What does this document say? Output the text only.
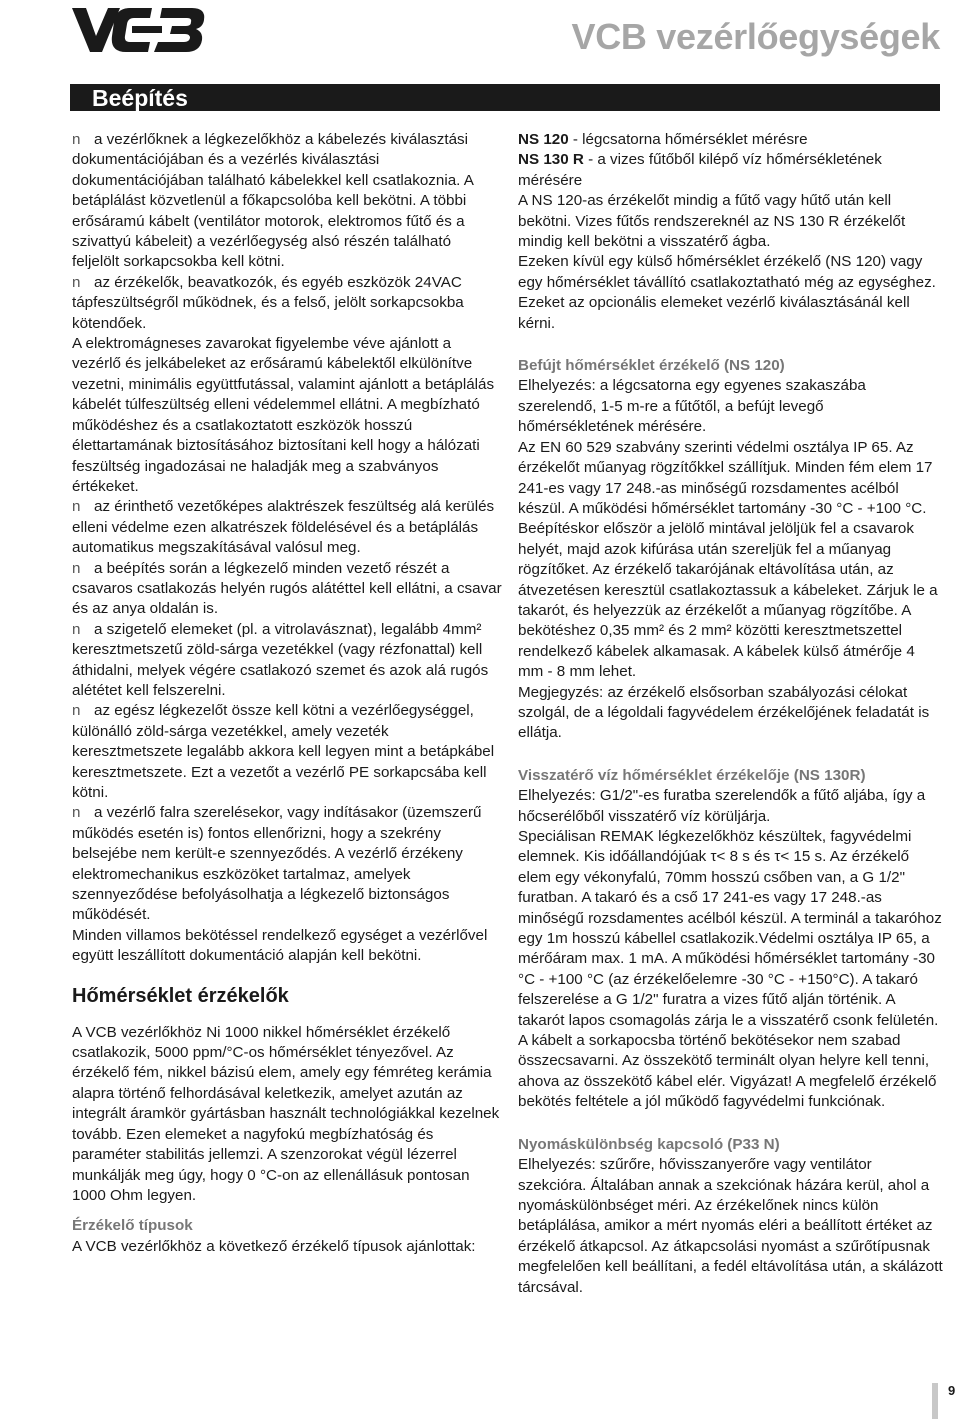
VCB vezérlőegységek
Beépítés

n a vezérlőknek a légkezelőkhöz a kábelezés kiválasztási dokumentációjában és a vezérlés kiválasztási dokumentációjában található kábelekkel kell csatlakoznia. A betáplálást közvetlenül a főkapcsolóba kell bekötni. A többi erősáramú kábelt (ventilátor motorok, elektromos fűtő és a szivattyú kábeleit) a vezérlőegység alsó részén található feljelölt sorkapcsokba kell kötni.

n az érzékelők, beavatkozók, és egyéb eszközök 24VAC tápfeszültségről működnek, és a felső, jelölt sorkapcsokba kötendőek.

A elektromágneses zavarokat figyelembe véve ajánlott a vezérlő és jelkábeleket az erősáramú kábelektől elkülönítve vezetni, minimális együttfutással, valamint ajánlott a betáplálás kábelét túlfeszültség elleni védelemmel ellátni. A megbízható működéshez és a csatlakoztatott eszközök hosszú élettartamának biztosításához biztosítani kell hogy a hálózati feszültség ingadozásai ne haladják meg a szabványos értékeket.

n az érinthető vezetőképes alaktrészek feszültség alá kerülés elleni védelme ezen alkatrészek földelésével és a betáplálás automatikus megszakításával valósul meg.

n a beépítés során a légkezelő minden vezető részét a csavaros csatlakozás helyén rugós alátéttel kell ellátni, a csavar és az anya oldalán is.

n a szigetelő elemeket (pl. a vitrolavásznat), legalább 4mm² keresztmetszetű zöld-sárga vezetékkel (vagy rézfonattal) kell áthidalni, melyek végére csatlakozó szemet és azok alá rugós alététet kell felszerelni.

n az egész légkezelőt össze kell kötni a vezérlőegységgel, különálló zöld-sárga vezetékkel, amely vezeték keresztmetszete legalább akkora kell legyen mint a betápkábel keresztmetszete. Ezt a vezetőt a vezérlő PE sorkapcsába kell kötni.

n a vezérlő falra szerelésekor, vagy indításakor (üzemszerű működés esetén is) fontos ellenőrizni, hogy a szekrény belsejébe nem került-e szennyeződés. A vezérlő érzékeny elektromechanikus eszközöket tartalmaz, amelyek szennyeződése befolyásolhatja a légkezelő biztonságos működését.

Minden villamos bekötéssel rendelkező egységet a vezérlővel együtt leszállított dokumentáció alapján kell bekötni.

Hőmérséklet érzékelők

A VCB vezérlőkhöz Ni 1000 nikkel hőmérséklet érzékelő csatlakozik, 5000 ppm/°C-os hőmérséklet tényezővel. Az érzékelő fém, nikkel bázisú elem, amely egy fémréteg kerámia alapra történő felhordásával keletkezik, amelyet azután az integrált áramkör gyártásban használt technológiákkal kezelnek tovább. Ezen elemeket a nagyfokú megbízhatóság és paraméter stabilitás jellemzi. A szenzorokat végül lézerrel munkálják meg úgy, hogy 0 °C-on az ellenállásuk pontosan 1000 Ohm legyen.

Érzékelő típusok

A VCB vezérlőkhöz a következő érzékelő típusok ajánlottak:

NS 120 - légcsatorna hőmérséklet mérésre

NS 130 R - a vizes fűtőből kilépő víz hőmérsékletének mérésére

A NS 120-as érzékelőt mindig a fűtő vagy hűtő után kell bekötni. Vizes fűtős rendszereknél az NS 130 R érzékelőt mindig kell bekötni a visszatérő ágba.

Ezeken kívül egy külső hőmérséklet érzékelő (NS 120) vagy egy hőmérséklet távállító csatlakoztatható még az egységhez.

Ezeket az opcionális elemeket vezérlő kiválasztásánál kell kérni.

Befújt hőmérséklet érzékelő (NS 120)

Elhelyezés: a légcsatorna egy egyenes szakaszába szerelendő, 1-5 m-re a fűtőtől, a befújt levegő hőmérsékletének mérésére.

Az EN 60 529 szabvány szerinti védelmi osztálya IP 65. Az érzékelőt műanyag rögzítőkkel szállítjuk. Minden fém elem 17 241-es vagy 17 248.-as minőségű rozsdamentes acélból készül. A működési hőmérséklet tartomány -30 °C - +100 °C. Beépítéskor először a jelölő mintával jelöljük fel a csavarok helyét, majd azok kifúrása után szereljük fel a műanyag rögzítőket. Az érzékelő takarójának eltávolítása után, az átvezetésen keresztül csatlakoztassuk a kábeleket. Zárjuk le a takarót, és helyezzük az érzékelőt a műanyag rögzítőbe. A bekötéshez 0,35 mm² és 2 mm² közötti keresztmetszettel rendelkező kábelek alkamasak. A kábelek külső átmérője 4 mm - 8 mm lehet.

Megjegyzés: az érzékelő elsősorban szabályozási célokat szolgál, de a légoldali fagyvédelem érzékelőjének feladatát is ellátja.

Visszatérő víz hőmérséklet érzékelője (NS 130R)

Elhelyezés: G1/2"-es furatba szerelendők a fűtő aljába, így a hőcserélőből visszatérő víz körüljárja.

Speciálisan REMAK légkezelőkhöz készültek, fagyvédelmi elemnek. Kis időállandójúak τ< 8 s és τ< 15 s. Az érzékelő elem egy vékonyfalú, 70mm hosszú csőben van, a G 1/2" furatban. A takaró és a cső 17 241-es vagy 17 248.-as minőségű rozsdamentes acélból készül. A terminál a takaróhoz egy 1m hosszú kábellel csatlakozik.Védelmi osztálya IP 65, a mérőáram max. 1 mA. A működési hőmérséklet tartomány -30 °C - +100 °C (az érzékelőelemre -30 °C - +150°C). A takaró felszerelése a G 1/2" furatra a vizes fűtő alján történik. A takarót lapos csomagolás zárja le a visszatérő csonk felületén. A kábelt a sorkapocsba történő bekötésekor nem szabad összecsavarni. Az összekötő terminált olyan helyre kell tenni, ahova az összekötő kábel elér. Vigyázat! A megfelelő érzékelő bekötés feltétele a jól működő fagyvédelmi funkciónak.

Nyomáskülönbség kapcsoló (P33 N)

Elhelyezés: szűrőre, hővisszanyerőre vagy ventilátor szekcióra. Általában annak a szekciónak házára kerül, ahol a nyomáskülönbséget méri. Az érzékelőnek nincs külön betáplálása, amikor a mért nyomás eléri a beállított értéket az érzékelő átkapcsol. Az átkapcsolási nyomást a szűrőtípusnak megfelelően kell beállítani, a fedél eltávolítása után, a skálázott tárcsával.

9
